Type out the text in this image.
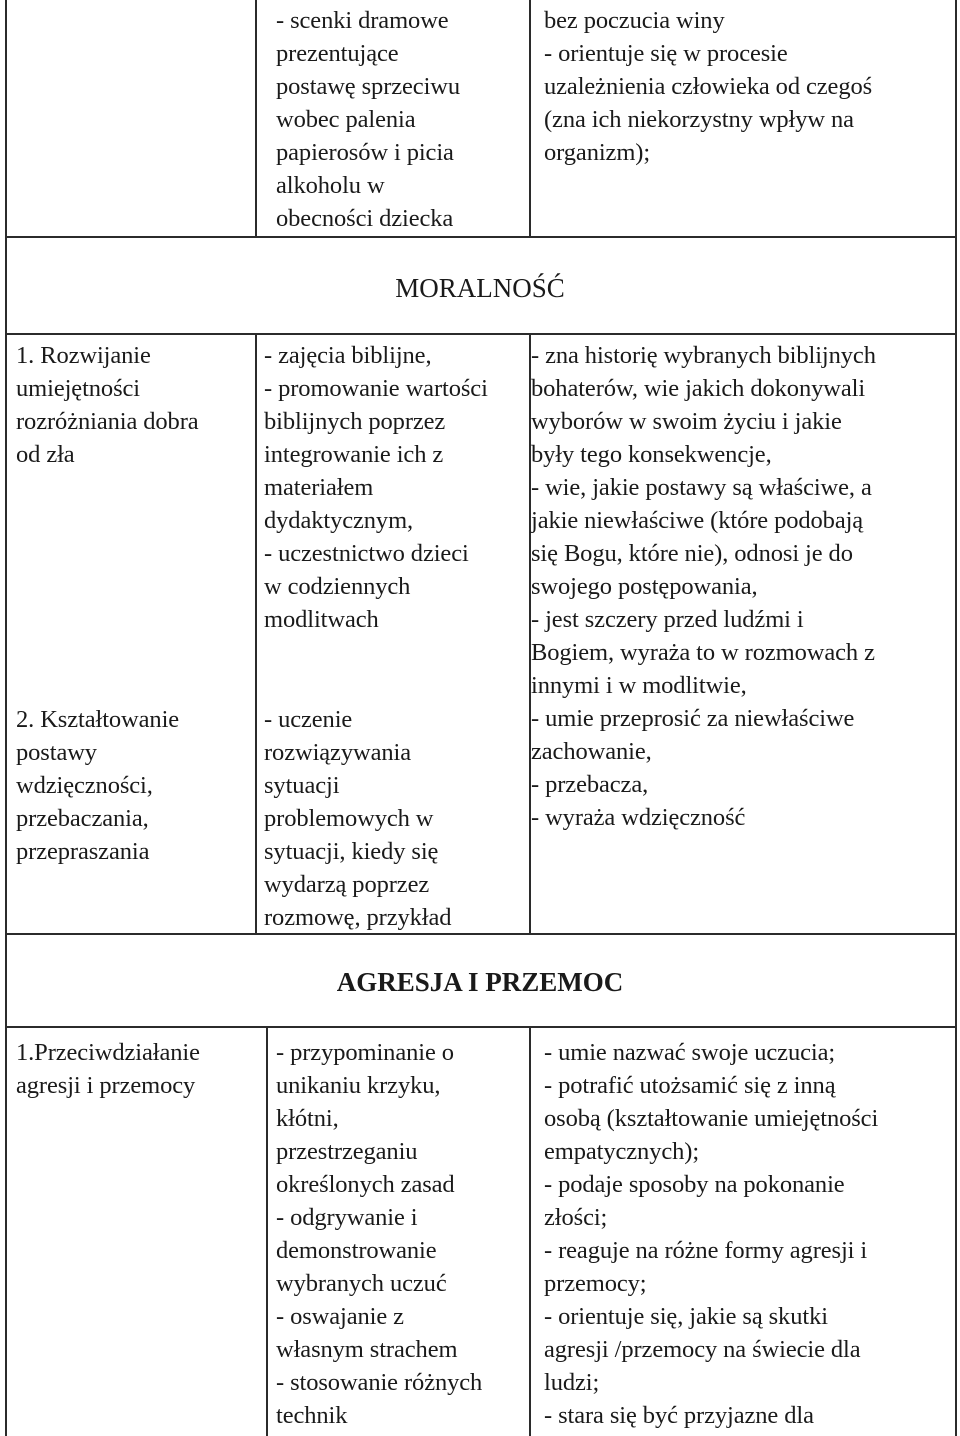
- scenki dramowe
prezentujące
postawę sprzeciwu
wobec palenia
papierosów i picia
alkoholu w
obecności dziecka
bez poczucia winy
- orientuje się w procesie
uzależnienia człowieka od czegoś
(zna ich niekorzystny wpływ na
organizm);
MORALNOŚĆ
1. Rozwijanie
umiejętności
rozróżniania dobra
od zła
2. Kształtowanie
postawy
wdzięczności,
przebaczania,
przepraszania
- zajęcia biblijne,
- promowanie wartości
biblijnych poprzez
integrowanie ich z
materiałem
dydaktycznym,
- uczestnictwo dzieci
w codziennych
modlitwach
- uczenie
rozwiązywania
sytuacji
problemowych w
sytuacji, kiedy się
wydarzą poprzez
rozmowę, przykład
- zna historię wybranych biblijnych
bohaterów, wie jakich dokonywali
wyborów w swoim życiu i jakie
były tego konsekwencje,
- wie, jakie postawy są właściwe, a
jakie niewłaściwe (które podobają
się Bogu, które nie), odnosi je do
swojego postępowania,
- jest szczery przed ludźmi i
Bogiem, wyraża to w rozmowach z
innymi i w modlitwie,
- umie przeprosić za niewłaściwe
zachowanie,
- przebacza,
- wyraża wdzięczność
AGRESJA I PRZEMOC
1.Przeciwdziałanie
agresji i przemocy
- przypominanie o
unikaniu krzyku,
kłótni,
przestrzeganiu
określonych zasad
- odgrywanie i
demonstrowanie
wybranych uczuć
- oswajanie z
własnym strachem
- stosowanie różnych
technik
- umie nazwać swoje uczucia;
- potrafić utożsamić się z inną
osobą (kształtowanie umiejętności
empatycznych);
- podaje sposoby na pokonanie
złości;
- reaguje na różne formy agresji i
przemocy;
- orientuje się, jakie są skutki
agresji /przemocy na świecie dla
ludzi;
- stara się być przyjazne dla
